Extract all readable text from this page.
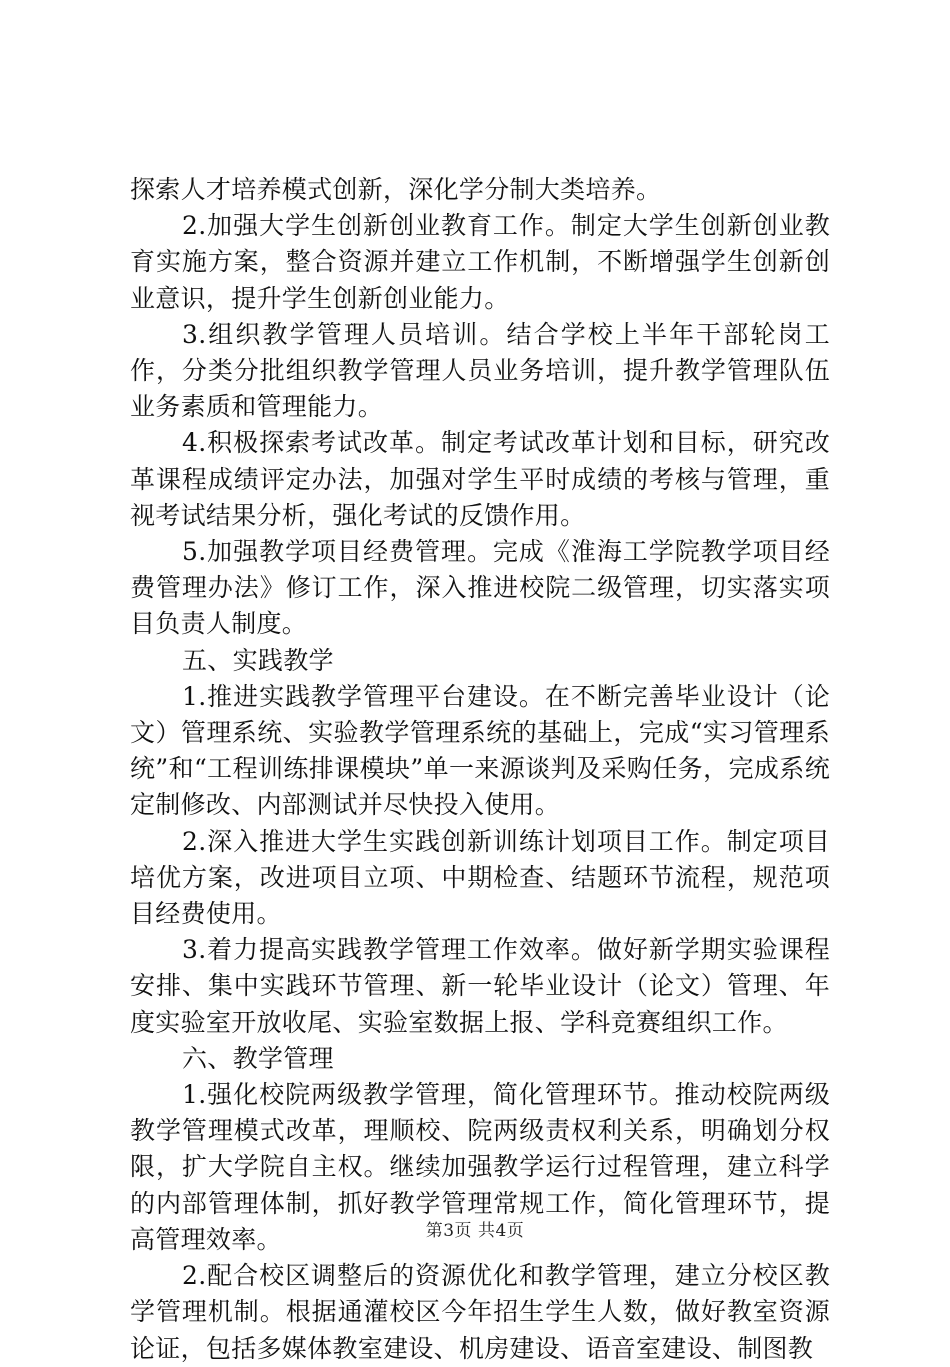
探索人才培养模式创新，深化学分制大类培养。

2.加强大学生创新创业教育工作。制定大学生创新创业教育实施方案，整合资源并建立工作机制，不断增强学生创新创业意识，提升学生创新创业能力。

3.组织教学管理人员培训。结合学校上半年干部轮岗工作，分类分批组织教学管理人员业务培训，提升教学管理队伍业务素质和管理能力。

4.积极探索考试改革。制定考试改革计划和目标，研究改革课程成绩评定办法，加强对学生平时成绩的考核与管理，重视考试结果分析，强化考试的反馈作用。

5.加强教学项目经费管理。完成《淮海工学院教学项目经费管理办法》修订工作，深入推进校院二级管理，切实落实项目负责人制度。

五、实践教学

1.推进实践教学管理平台建设。在不断完善毕业设计（论文）管理系统、实验教学管理系统的基础上，完成“实习管理系统”和“工程训练排课模块”单一来源谈判及采购任务，完成系统定制修改、内部测试并尽快投入使用。

2.深入推进大学生实践创新训练计划项目工作。制定项目培优方案，改进项目立项、中期检查、结题环节流程，规范项目经费使用。

3.着力提高实践教学管理工作效率。做好新学期实验课程安排、集中实践环节管理、新一轮毕业设计（论文）管理、年度实验室开放收尾、实验室数据上报、学科竞赛组织工作。

六、教学管理

1.强化校院两级教学管理，简化管理环节。推动校院两级教学管理模式改革，理顺校、院两级责权利关系，明确划分权限，扩大学院自主权。继续加强教学运行过程管理，建立科学的内部管理体制，抓好教学管理常规工作，简化管理环节，提高管理效率。

2.配合校区调整后的资源优化和教学管理，建立分校区教学管理机制。根据通灌校区今年招生学生人数，做好教室资源论证，包括多媒体教室建设、机房建设、语音室建设、制图教

第3页 共4页
